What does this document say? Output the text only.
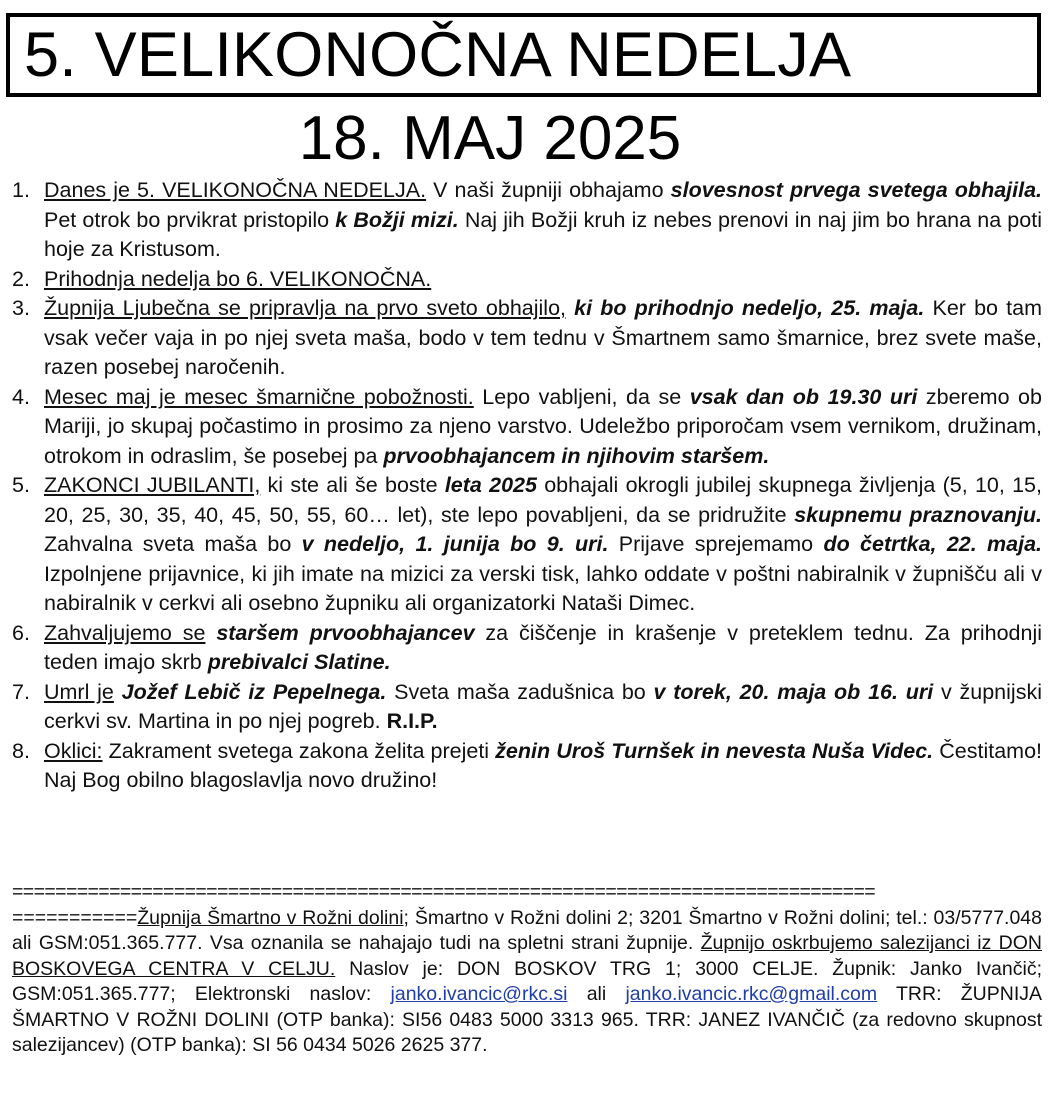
5. VELIKONOČNA NEDELJA
18. MAJ 2025
1. Danes je 5. VELIKONOČNA NEDELJA. V naši župniji obhajamo slovesnost prvega svetega obhajila. Pet otrok bo prvikrat pristopilo k Božji mizi. Naj jih Božji kruh iz nebes prenovi in naj jim bo hrana na poti hoje za Kristusom.
2. Prihodnja nedelja bo 6. VELIKONOČNA.
3. Župnija Ljubečna se pripravlja na prvo sveto obhajilo, ki bo prihodnjo nedeljo, 25. maja. Ker bo tam vsak večer vaja in po njej sveta maša, bodo v tem tednu v Šmartnem samo šmarnice, brez svete maše, razen posebej naročenih.
4. Mesec maj je mesec šmarnične pobožnosti. Lepo vabljeni, da se vsak dan ob 19.30 uri zberemo ob Mariji, jo skupaj počastimo in prosimo za njeno varstvo. Udeležbo priporočam vsem vernikom, družinam, otrokom in odraslim, še posebej pa prvoobhajancem in njihovim staršem.
5. ZAKONCI JUBILANTI, ki ste ali še boste leta 2025 obhajali okrogli jubilej skupnega življenja (5, 10, 15, 20, 25, 30, 35, 40, 45, 50, 55, 60… let), ste lepo povabljeni, da se pridružite skupnemu praznovanju. Zahvalna sveta maša bo v nedeljo, 1. junija bo 9. uri. Prijave sprejemamo do četrtka, 22. maja. Izpolnjene prijavnice, ki jih imate na mizici za verski tisk, lahko oddate v poštni nabiralnik v župnišču ali v nabiralnik v cerkvi ali osebno župniku ali organizatorki Nataši Dimec.
6. Zahvaljujemo se staršem prvoobhajancev za čiščenje in krašenje v preteklem tednu. Za prihodnji teden imajo skrb prebivalci Slatine.
7. Umrl je Jožef Lebič iz Pepelnega. Sveta maša zadušnica bo v torek, 20. maja ob 16. uri v župnijski cerkvi sv. Martina in po njej pogreb. R.I.P.
8. Oklici: Zakrament svetega zakona želita prejeti ženin Uroš Turnšek in nevesta Nuša Videc. Čestitamo! Naj Bog obilno blagoslavlja novo družino!
================================================================================
===========Župnija Šmartno v Rožni dolini; Šmartno v Rožni dolini 2; 3201 Šmartno v Rožni dolini; tel.: 03/5777.048 ali GSM:051.365.777. Vsa oznanila se nahajajo tudi na spletni strani župnije. Župnijo oskrbujemo salezijanci iz DON BOSKOVEGA CENTRA V CELJU. Naslov je: DON BOSKOV TRG 1; 3000 CELJE. Župnik: Janko Ivančič; GSM:051.365.777; Elektronski naslov: janko.ivancic@rkc.si ali janko.ivancic.rkc@gmail.com TRR: ŽUPNIJA ŠMARTNO V ROŽNI DOLINI (OTP banka): SI56 0483 5000 3313 965. TRR: JANEZ IVANČIČ (za redovno skupnost salezijancev) (OTP banka): SI 56 0434 5026 2625 377.
